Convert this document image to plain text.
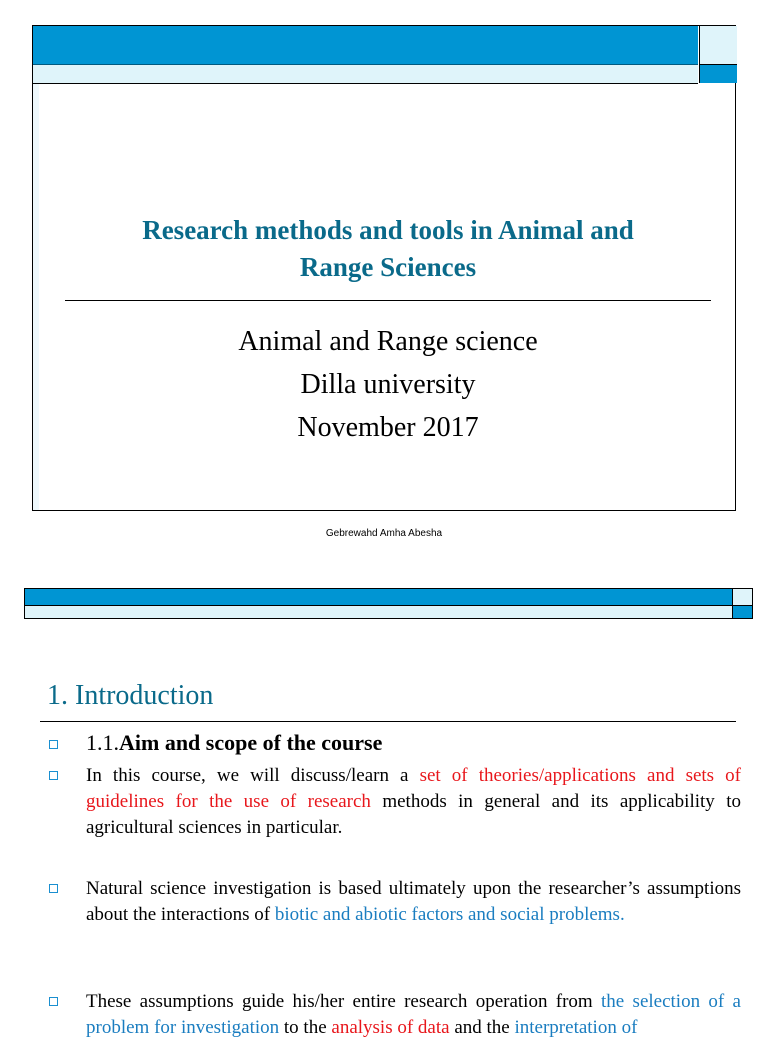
Research methods and tools in Animal and
Range Sciences
Animal and Range science
Dilla university
November 2017
Gebrewahd Amha Abesha
1. Introduction
1.1.Aim and scope of the course
In this course, we will discuss/learn a set of theories/applications and sets of guidelines for the use of research methods in general and its applicability to agricultural sciences in particular.
Natural science investigation is based ultimately upon the researcher’s assumptions about the interactions of biotic and abiotic factors and social problems.
These assumptions guide his/her entire research operation from the selection of a problem for investigation to the analysis of data and the interpretation of
